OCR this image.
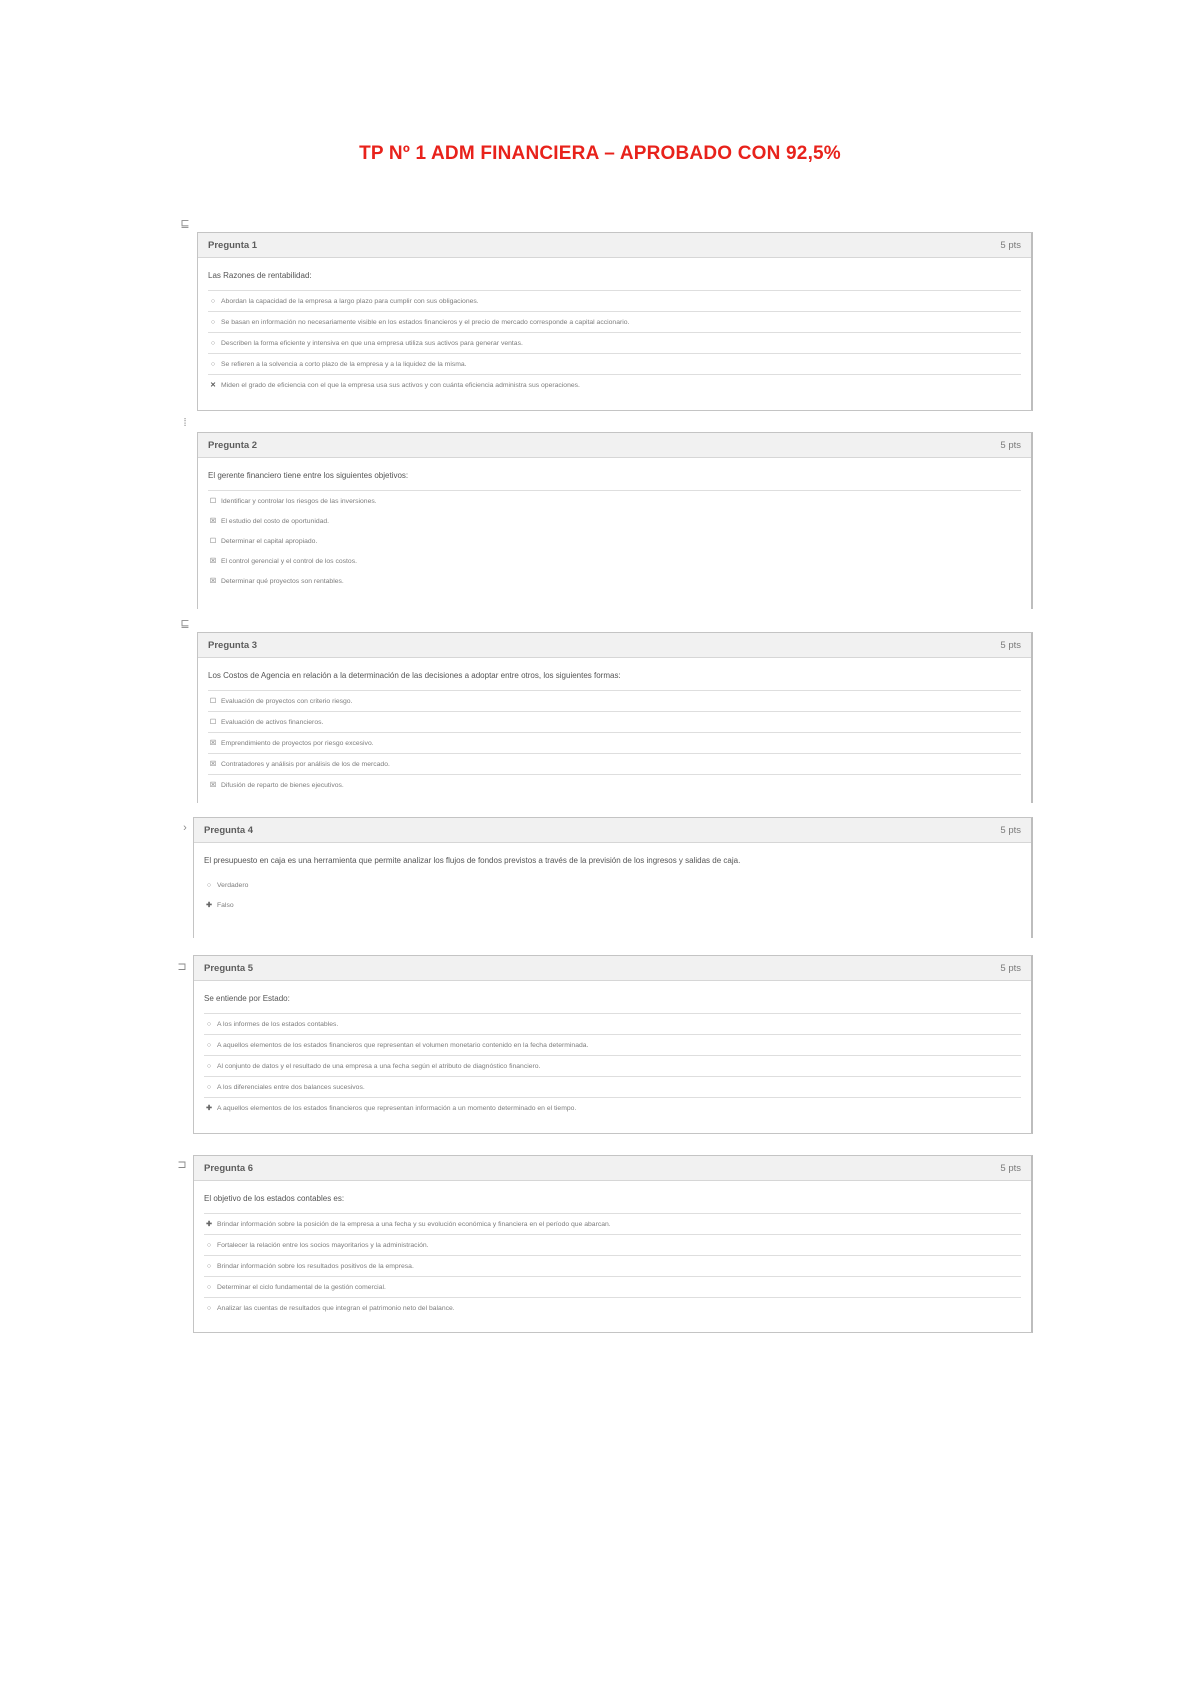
TP Nº 1 ADM FINANCIERA – APROBADO CON 92,5%
⊑
Pregunta 1	5 pts
Las Razones de rentabilidad:
○ Abordan la capacidad de la empresa a largo plazo para cumplir con sus obligaciones.
○ Se basan en información no necesariamente visible en los estados financieros y el precio de mercado corresponde a capital accionario.
○ Describen la forma eficiente y intensiva en que una empresa utiliza sus activos para generar ventas.
○ Se refieren a la solvencia a corto plazo de la empresa y a la liquidez de la misma.
✕ Miden el grado de eficiencia con el que la empresa usa sus activos y con cuánta eficiencia administra sus operaciones.
⁞
Pregunta 2	5 pts
El gerente financiero tiene entre los siguientes objetivos:
☐ Identificar y controlar los riesgos de las inversiones.
☒ El estudio del costo de oportunidad.
☐ Determinar el capital apropiado.
☒ El control gerencial y el control de los costos.
☒ Determinar qué proyectos son rentables.
⊑
Pregunta 3	5 pts
Los Costos de Agencia en relación a la determinación de las decisiones a adoptar entre otros, los siguientes formas:
☐ Evaluación de proyectos con criterio riesgo.
☐ Evaluación de activos financieros.
☒ Emprendimiento de proyectos por riesgo excesivo.
☒ Contratadores y análisis por análisis de los de mercado.
☒ Difusión de reparto de bienes ejecutivos.
›	Pregunta 4	5 pts
El presupuesto en caja es una herramienta que permite analizar los flujos de fondos previstos a través de la previsión de los ingresos y salidas de caja.
○ Verdadero
✚ Falso
⊐	Pregunta 5	5 pts
Se entiende por Estado:
○ A los informes de los estados contables.
○ A aquellos elementos de los estados financieros que representan el volumen monetario contenido en la fecha determinada.
○ Al conjunto de datos y el resultado de una empresa a una fecha según el atributo de diagnóstico financiero.
○ A los diferenciales entre dos balances sucesivos.
✚ A aquellos elementos de los estados financieros que representan información a un momento determinado en el tiempo.
⊐	Pregunta 6	5 pts
El objetivo de los estados contables es:
✚ Brindar información sobre la posición de la empresa a una fecha y su evolución económica y financiera en el período que abarcan.
○ Fortalecer la relación entre los socios mayoritarios y la administración.
○ Brindar información sobre los resultados positivos de la empresa.
○ Determinar el ciclo fundamental de la gestión comercial.
○ Analizar las cuentas de resultados que integran el patrimonio neto del balance.
